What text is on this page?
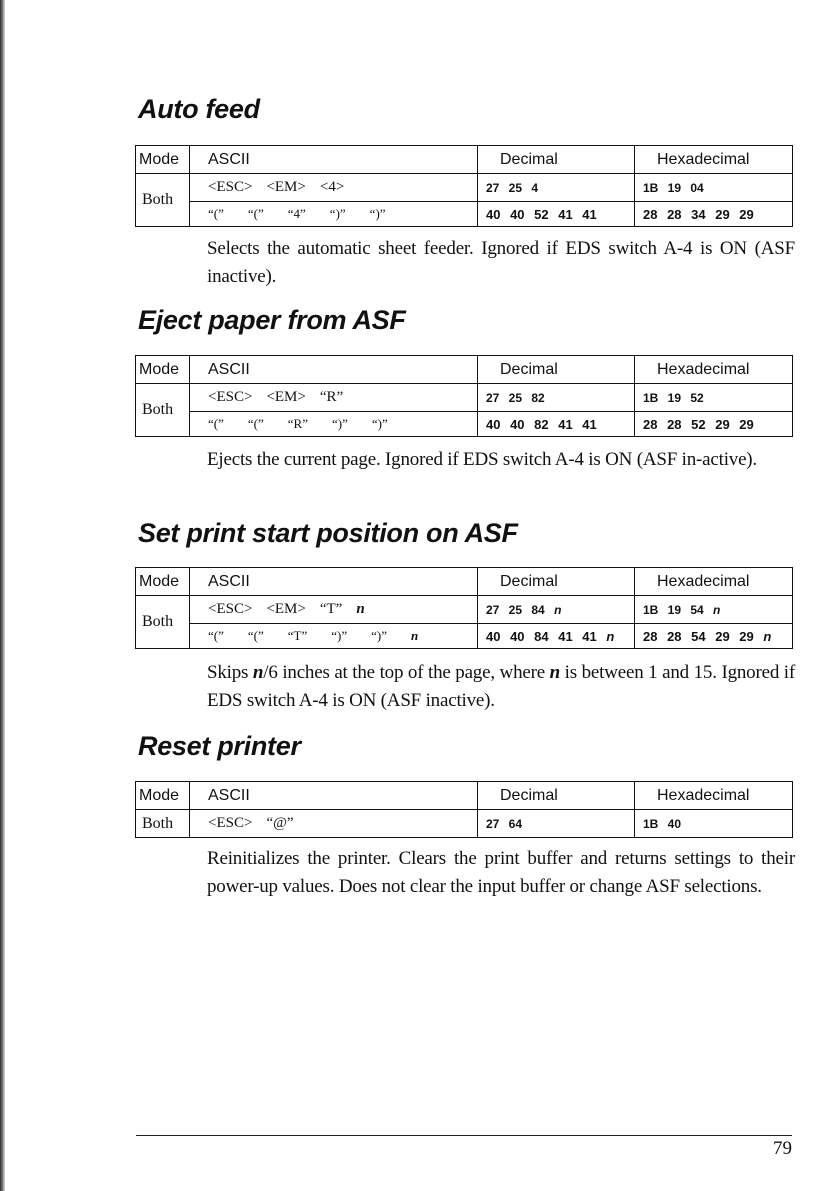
Auto feed
Mode	ASCII	Decimal	Hexadecimal
Both	<ESC> <EM> <4>	27 25 4	1B 19 04
	“(” “(” “4” “)” “)”	40 40 52 41 41	28 28 34 29 29

Selects the automatic sheet feeder. Ignored if EDS switch A-4 is ON (ASF inactive).

Eject paper from ASF
Mode	ASCII	Decimal	Hexadecimal
Both	<ESC> <EM> “R”	27 25 82	1B 19 52
	“(” “(” “R” “)” “)”	40 40 82 41 41	28 28 52 29 29

Ejects the current page. Ignored if EDS switch A-4 is ON (ASF in-active).

Set print start position on ASF
Mode	ASCII	Decimal	Hexadecimal
Both	<ESC> <EM> “T” n	27 25 84 n	1B 19 54 n
	“(” “(” “T” “)” “)” n	40 40 84 41 41 n	28 28 54 29 29 n

Skips n/6 inches at the top of the page, where n is between 1 and 15. Ignored if EDS switch A-4 is ON (ASF inactive).

Reset printer
Mode	ASCII	Decimal	Hexadecimal
Both	<ESC> “@”	27 64	1B 40

Reinitializes the printer. Clears the print buffer and returns settings to their power-up values. Does not clear the input buffer or change ASF selections.

79
